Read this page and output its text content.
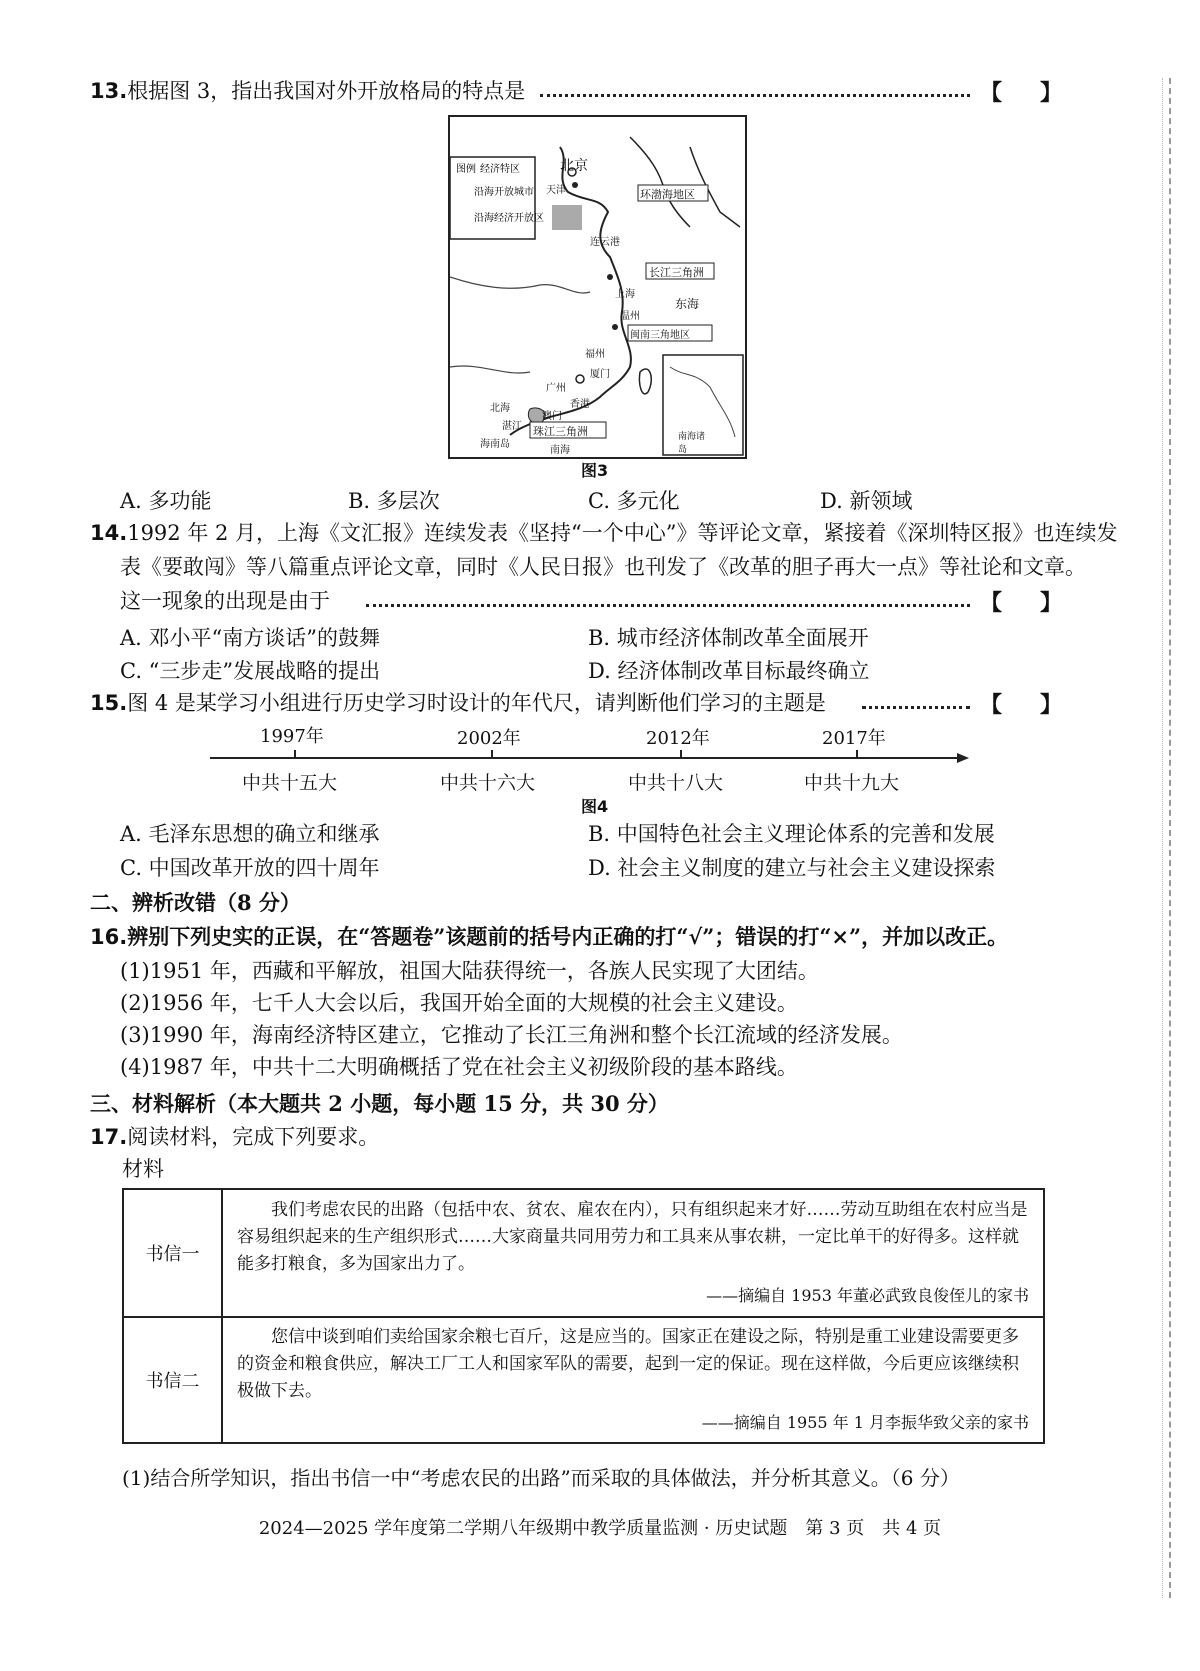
13.根据图 3，指出我国对外开放格局的特点是	【 】
图例 经济特区
沿海开放城市
沿海经济开放区
北京
天津	环渤海地区
连云港
长江三角洲
上海
温州
东海
闽南三角地区
福州
厦门
广州
香港
澳门
北海
湛江
海南岛
珠江三角洲
南海
南海诸岛
图3
A. 多功能	B. 多层次	C. 多元化	D. 新领域
14.1992 年 2 月，上海《文汇报》连续发表《坚持“一个中心”》等评论文章，紧接着《深圳特区报》也连续发
表《要敢闯》等八篇重点评论文章，同时《人民日报》也刊发了《改革的胆子再大一点》等社论和文章。
这一现象的出现是由于	【 】
A. 邓小平“南方谈话”的鼓舞	B. 城市经济体制改革全面展开
C. “三步走”发展战略的提出	D. 经济体制改革目标最终确立
15.图 4 是某学习小组进行历史学习时设计的年代尺，请判断他们学习的主题是	【 】
1997年	2002年	2012年	2017年
中共十五大	中共十六大	中共十八大	中共十九大
图4
A. 毛泽东思想的确立和继承	B. 中国特色社会主义理论体系的完善和发展
C. 中国改革开放的四十周年	D. 社会主义制度的建立与社会主义建设探索
二、辨析改错（8 分）
16.辨别下列史实的正误，在“答题卷”该题前的括号内正确的打“√”；错误的打“×”，并加以改正。
(1)1951 年，西藏和平解放，祖国大陆获得统一，各族人民实现了大团结。
(2)1956 年，七千人大会以后，我国开始全面的大规模的社会主义建设。
(3)1990 年，海南经济特区建立，它推动了长江三角洲和整个长江流域的经济发展。
(4)1987 年，中共十二大明确概括了党在社会主义初级阶段的基本路线。
三、材料解析（本大题共 2 小题，每小题 15 分，共 30 分）
17.阅读材料，完成下列要求。
材料
书信一	我们考虑农民的出路（包括中农、贫农、雇农在内），只有组织起来才好……劳动互助组在农村应当是容易组织起来的生产组织形式……大家商量共同用劳力和工具来从事农耕，一定比单干的好得多。这样就能多打粮食，多为国家出力了。
——摘编自 1953 年董必武致良俊侄儿的家书

书信二	您信中谈到咱们卖给国家余粮七百斤，这是应当的。国家正在建设之际，特别是重工业建设需要更多的资金和粮食供应，解决工厂工人和国家军队的需要，起到一定的保证。现在这样做，今后更应该继续积极做下去。
——摘编自 1955 年 1 月李振华致父亲的家书
(1)结合所学知识，指出书信一中“考虑农民的出路”而采取的具体做法，并分析其意义。（6 分）
2024—2025 学年度第二学期八年级期中教学质量监测 · 历史试题　第 3 页　共 4 页
